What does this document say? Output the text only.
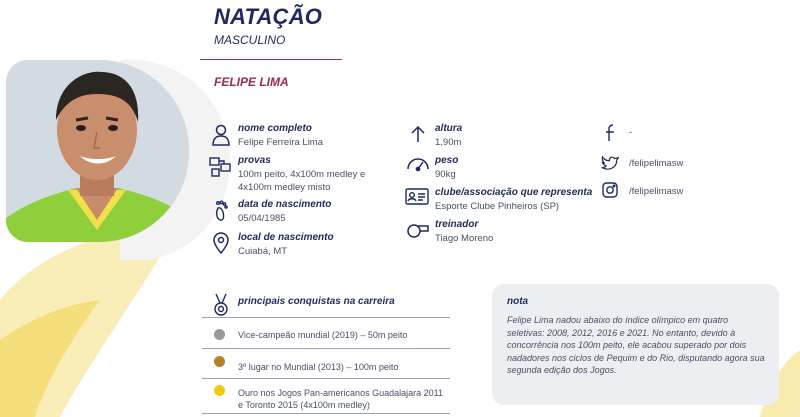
NATAÇÃO
MASCULINO
FELIPE LIMA
nome completo
Felipe Ferreira Lima
provas
100m peito, 4x100m medley e 4x100m medley misto
data de nascimento
05/04/1985
local de nascimento
Cuiabá, MT
altura
1,90m
peso
90kg
clube/associação que representa
Esporte Clube Pinheiros (SP)
treinador
Tiago Moreno
-
/felipelimasw
/felipelimasw
principais conquistas na carreira
Vice-campeão mundial (2019) – 50m peito
3º lugar no Mundial (2013) – 100m peito
Ouro nos Jogos Pan-americanos Guadalajara 2011 e Toronto 2015 (4x100m medley)
nota
Felipe Lima nadou abaixo do índice olímpico em quatro seletivas: 2008, 2012, 2016 e 2021. No entanto, devido à concorrência nos 100m peito, ele acabou superado por dois nadadores nos ciclos de Pequim e do Rio, disputando agora sua segunda edição dos Jogos.
